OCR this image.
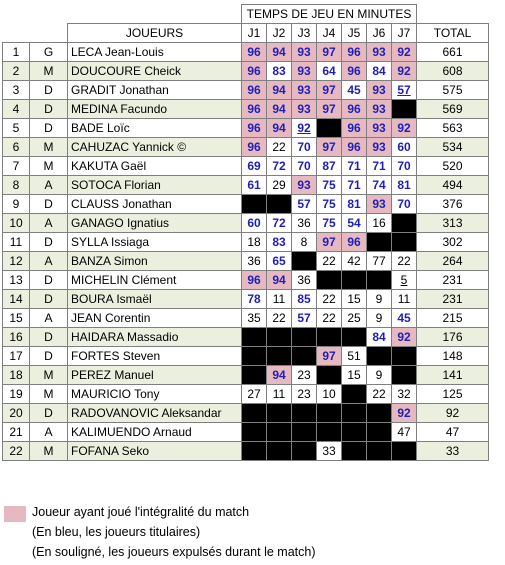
			TEMPS DE JEU EN MINUTES							
		JOUEURS	J1	J2	J3	J4	J5	J6	J7	TOTAL
1	G	LECA Jean-Louis	96	94	93	97	96	93	92	661
2	M	DOUCOURE Cheick	96	83	93	64	96	84	92	608
3	D	GRADIT Jonathan	96	94	93	97	45	93	57	575
4	D	MEDINA Facundo	96	94	93	97	96	93		569
5	D	BADE Loïc	96	94	92		96	93	92	563
6	M	CAHUZAC Yannick ©	96	22	70	97	96	93	60	534
7	M	KAKUTA Gaël	69	72	70	87	71	71	70	520
8	A	SOTOCA Florian	61	29	93	75	71	74	81	494
9	D	CLAUSS Jonathan			57	75	81	93	70	376
10	A	GANAGO Ignatius	60	72	36	75	54	16		313
11	D	SYLLA Issiaga	18	83	8	97	96			302
12	A	BANZA Simon	36	65		22	42	77	22	264
13	D	MICHELIN Clément	96	94	36				5	231
14	D	BOURA Ismaël	78	11	85	22	15	9	11	231
15	A	JEAN Corentin	35	22	57	22	25	9	45	215
16	D	HAIDARA Massadio						84	92	176
17	D	FORTES Steven				97	51			148
18	M	PEREZ Manuel		94	23		15	9		141
19	M	MAURICIO Tony	27	11	23	10		22	32	125
20	D	RADOVANOVIC Aleksandar							92	92
21	A	KALIMUENDO Arnaud							47	47
22	M	FOFANA Seko				33				33
Joueur ayant joué l'intégralité du match
(En bleu, les joueurs titulaires)
(En souligné, les joueurs expulsés durant le match)
